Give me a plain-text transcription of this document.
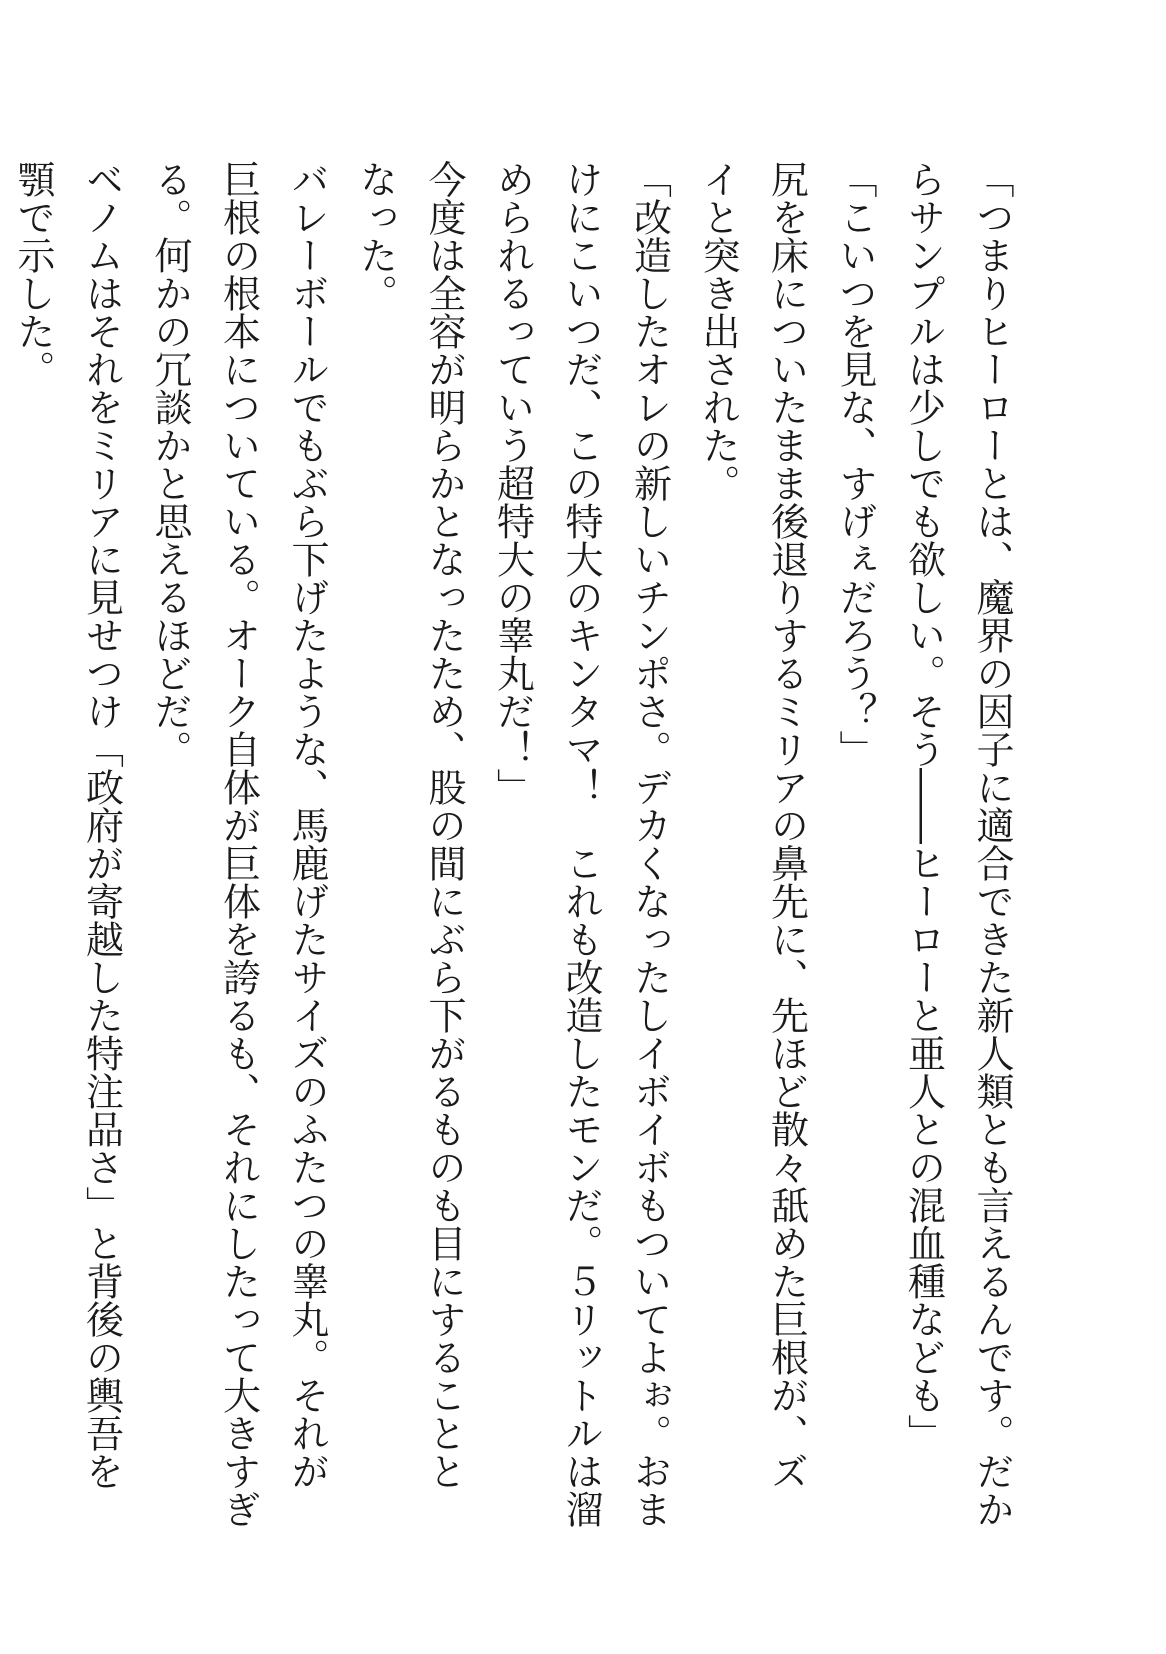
「つまりヒーローとは、魔界の因子に適合できた新人類とも言えるんです。だか

らサンプルは少しでも欲しい。そう――ヒーローと亜人との混血種なども」

「こいつを見な、すげぇだろう？」

尻を床についたまま後退りするミリアの鼻先に、先ほど散々舐めた巨根が、ズ

イと突き出された。

「改造したオレの新しいチンポさ。デカくなったしイボイボもついてよぉ。おま

けにこいつだ、この特大のキンタマ！　これも改造したモンだ。５リットルは溜

められるっていう超特大の睾丸だ！」

今度は全容が明らかとなったため、股の間にぶら下がるものも目にすることと

なった。

バレーボールでもぶら下げたような、馬鹿げたサイズのふたつの睾丸。それが

巨根の根本についている。オーク自体が巨体を誇るも、それにしたって大きすぎ

る。何かの冗談かと思えるほどだ。

ベノムはそれをミリアに見せつけ「政府が寄越した特注品さ」と背後の輿吾を

顎で示した。
